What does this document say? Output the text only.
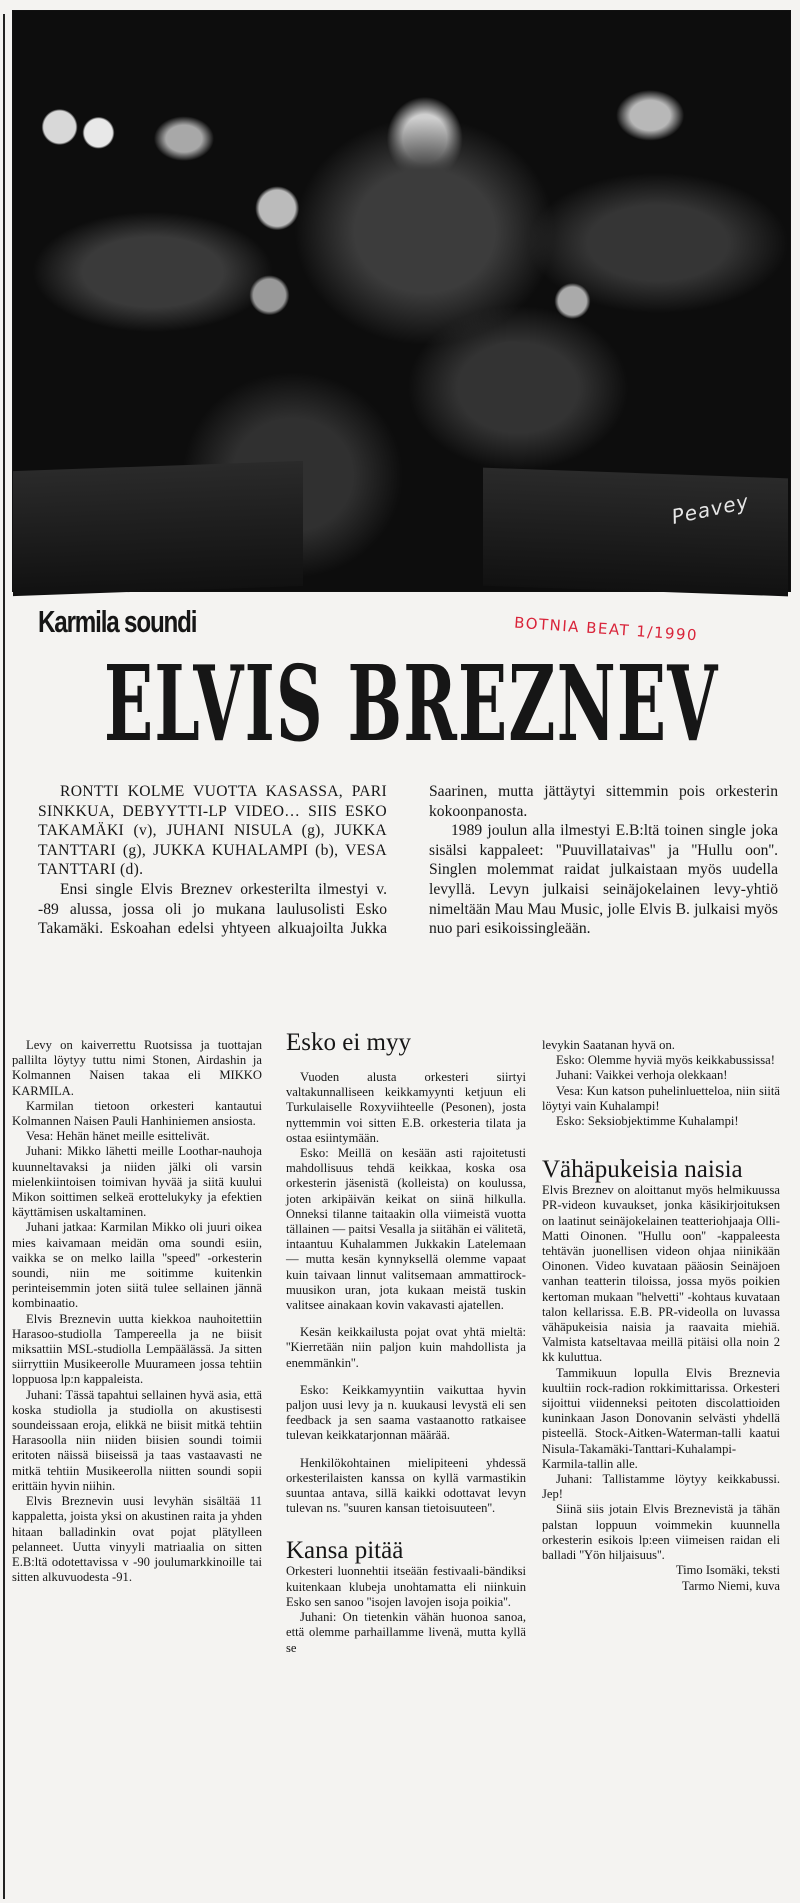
Peavey
Karmila soundi	BOTNIA BEAT 1/1990
ELVIS BREZNEV

RONTTI KOLME VUOTTA KASASSA, PARI SINKKUA, DEBYYTTI-LP VIDEO… SIIS ESKO TAKAMÄKI (v), JUHANI NISULA (g), JUKKA TANTTARI (g), JUKKA KUHALAMPI (b), VESA TANTTARI (d).

Ensi single Elvis Breznev orkesterilta ilmestyi v. -89 alussa, jossa oli jo mukana laulusolisti Esko Takamäki. Eskoahan edelsi yhtyeen alkuajoilta Jukka Saarinen, mutta jättäytyi sittemmin pois orkesterin kokoonpanosta.

1989 joulun alla ilmestyi E.B:ltä toinen single joka sisälsi kappaleet: ''Puuvillataivas'' ja ''Hullu oon''. Singlen molemmat raidat julkaistaan myös uudella levyllä. Levyn julkaisi seinäjokelainen levy-yhtiö nimeltään Mau Mau Music, jolle Elvis B. julkaisi myös nuo pari esikoissingleään.

Levy on kaiverrettu Ruotsissa ja tuottajan pallilta löytyy tuttu nimi Stonen, Airdashin ja Kolmannen Naisen takaa eli MIKKO KARMILA.

Karmilan tietoon orkesteri kantautui Kolmannen Naisen Pauli Hanhiniemen ansiosta.

Vesa: Hehän hänet meille esittelivät.

Juhani: Mikko lähetti meille Loothar-nauhoja kuunneltavaksi ja niiden jälki oli varsin mielenkiintoisen toimivan hyvää ja siitä kuului Mikon soittimen selkeä erottelukyky ja efektien käyttämisen uskaltaminen.

Juhani jatkaa: Karmilan Mikko oli juuri oikea mies kaivamaan meidän oma soundi esiin, vaikka se on melko lailla ''speed'' -orkesterin soundi, niin me soitimme kuitenkin perinteisemmin joten siitä tulee sellainen jännä kombinaatio.

Elvis Breznevin uutta kiekkoa nauhoitettiin Harasoo-studiolla Tampereella ja ne biisit miksattiin MSL-studiolla Lempäälässä. Ja sitten siirryttiin Musikeerolle Muurameen jossa tehtiin loppuosa lp:n kappaleista.

Juhani: Tässä tapahtui sellainen hyvä asia, että koska studiolla ja studiolla on akustisesti soundeissaan eroja, elikkä ne biisit mitkä tehtiin Harasoolla niin niiden biisien soundi toimii eritoten näissä biiseissä ja taas vastaavasti ne mitkä tehtiin Musikeerolla niitten soundi sopii erittäin hyvin niihin.

Elvis Breznevin uusi levyhän sisältää 11 kappaletta, joista yksi on akustinen raita ja yhden hitaan balladinkin ovat pojat plätylleen pelanneet. Uutta vinyyli matriaalia on sitten E.B:ltä odotettavissa v -90 joulumarkkinoille tai sitten alkuvuodesta -91.

Esko ei myy

Vuoden alusta orkesteri siirtyi valtakunnalliseen keikkamyynti ketjuun eli Turkulaiselle Roxyviihteelle (Pesonen), josta nyttemmin voi sitten E.B. orkesteria tilata ja ostaa esiintymään.

Esko: Meillä on kesään asti rajoitetusti mahdollisuus tehdä keikkaa, koska osa orkesterin jäsenistä (kolleista) on koulussa, joten arkipäivän keikat on siinä hilkulla. Onneksi tilanne taitaakin olla viimeistä vuotta tällainen — paitsi Vesalla ja siitähän ei välitetä, intaantuu Kuhalammen Jukkakin Latelemaan — mutta kesän kynnyksellä olemme vapaat kuin taivaan linnut valitsemaan ammattirock-muusikon uran, jota kukaan meistä tuskin valitsee ainakaan kovin vakavasti ajatellen.

Kesän keikkailusta pojat ovat yhtä mieltä: ''Kierretään niin paljon kuin mahdollista ja enemmänkin''.

Esko: Keikkamyyntiin vaikuttaa hyvin paljon uusi levy ja n. kuukausi levystä eli sen feedback ja sen saama vastaanotto ratkaisee tulevan keikkatarjonnan määrää.

Henkilökohtainen mielipiteeni yhdessä orkesterilaisten kanssa on kyllä varmastikin suuntaa antava, sillä kaikki odottavat levyn tulevan ns. ''suuren kansan tietoisuuteen''.

Kansa pitää

Orkesteri luonnehtii itseään festivaali-bändiksi kuitenkaan klubeja unohtamatta eli niinkuin Esko sen sanoo ''isojen lavojen isoja poikia''.

Juhani: On tietenkin vähän huonoa sanoa, että olemme parhaillamme livenä, mutta kyllä se

levykin Saatanan hyvä on.

Esko: Olemme hyviä myös keikkabussissa!

Juhani: Vaikkei verhoja olekkaan!

Vesa: Kun katson puhelinluetteloa, niin siitä löytyi vain Kuhalampi!

Esko: Seksiobjektimme Kuhalampi!

Vähäpukeisia naisia

Elvis Breznev on aloittanut myös helmikuussa PR-videon kuvaukset, jonka käsikirjoituksen on laatinut seinäjokelainen teatteriohjaaja Olli-Matti Oinonen. ''Hullu oon'' -kappaleesta tehtävän juonellisen videon ohjaa niinikään Oinonen. Video kuvataan pääosin Seinäjoen vanhan teatterin tiloissa, jossa myös poikien kertoman mukaan ''helvetti'' -kohtaus kuvataan talon kellarissa. E.B. PR-videolla on luvassa vähäpukeisia naisia ja raavaita miehiä. Valmista katseltavaa meillä pitäisi olla noin 2 kk kuluttua.

Tammikuun lopulla Elvis Breznevia kuultiin rock-radion rokkimittarissa. Orkesteri sijoittui viidenneksi peitoten discolattioiden kuninkaan Jason Donovanin selvästi yhdellä pisteellä. Stock-Aitken-Waterman-talli kaatui Nisula-Takamäki-Tanttari-Kuhalampi-Karmila-tallin alle.

Juhani: Tallistamme löytyy keikkabussi. Jep!

Siinä siis jotain Elvis Breznevistä ja tähän palstan loppuun voimmekin kuunnella orkesterin esikois lp:een viimeisen raidan eli balladi ''Yön hiljaisuus''.

Timo Isomäki, teksti

Tarmo Niemi, kuva
